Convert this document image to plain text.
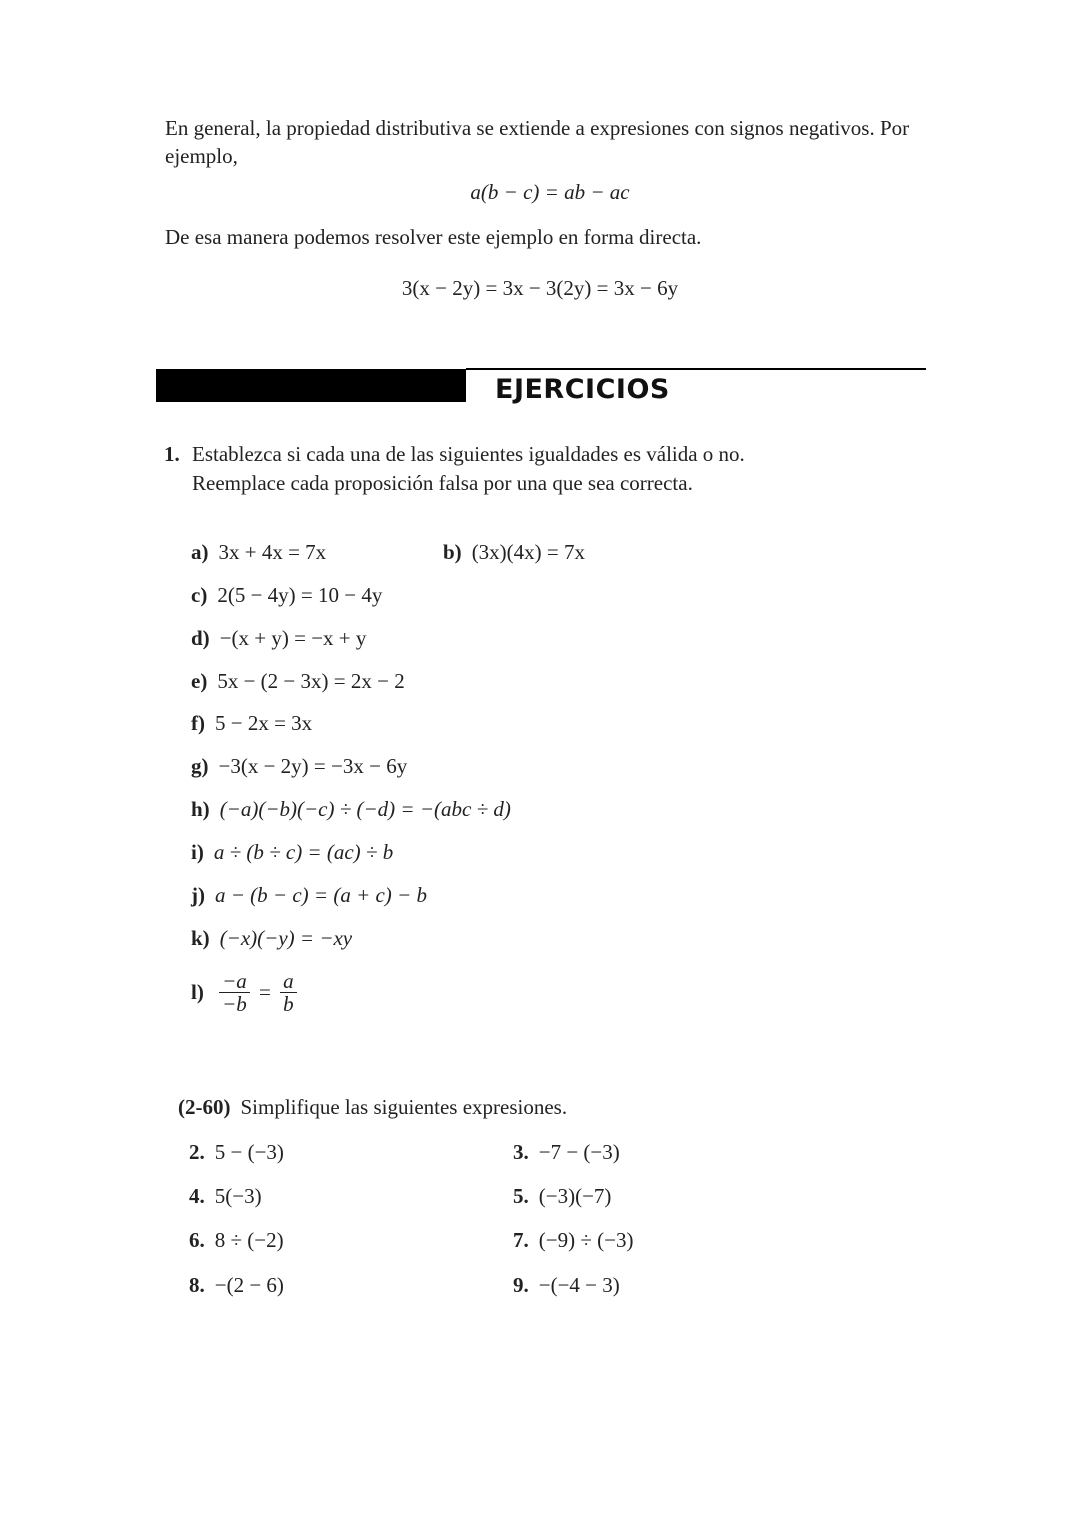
En general, la propiedad distributiva se extiende a expresiones con signos negativos. Por ejemplo,
a(b − c) = ab − ac
De esa manera podemos resolver este ejemplo en forma directa.
3(x − 2y) = 3x − 3(2y) = 3x − 6y
EJERCICIOS
1. Establezca si cada una de las siguientes igualdades es válida o no. Reemplace cada proposición falsa por una que sea correcta.
a) 3x + 4x = 7x	b) (3x)(4x) = 7x
c) 2(5 − 4y) = 10 − 4y
d) −(x + y) = −x + y
e) 5x − (2 − 3x) = 2x − 2
f) 5 − 2x = 3x
g) −3(x − 2y) = −3x − 6y
h) (−a)(−b)(−c) ÷ (−d) = −(abc ÷ d)
i) a ÷ (b ÷ c) = (ac) ÷ b
j) a − (b − c) = (a + c) − b
k) (−x)(−y) = −xy
$l) \frac{-a}{-b} = \frac{a}{b}$
(2-60) Simplifique las siguientes expresiones.
2. 5 − (−3)	3. −7 − (−3)
4. 5(−3)	5. (−3)(−7)
6. 8 ÷ (−2)	7. (−9) ÷ (−3)
8. −(2 − 6)	9. −(−4 − 3)
